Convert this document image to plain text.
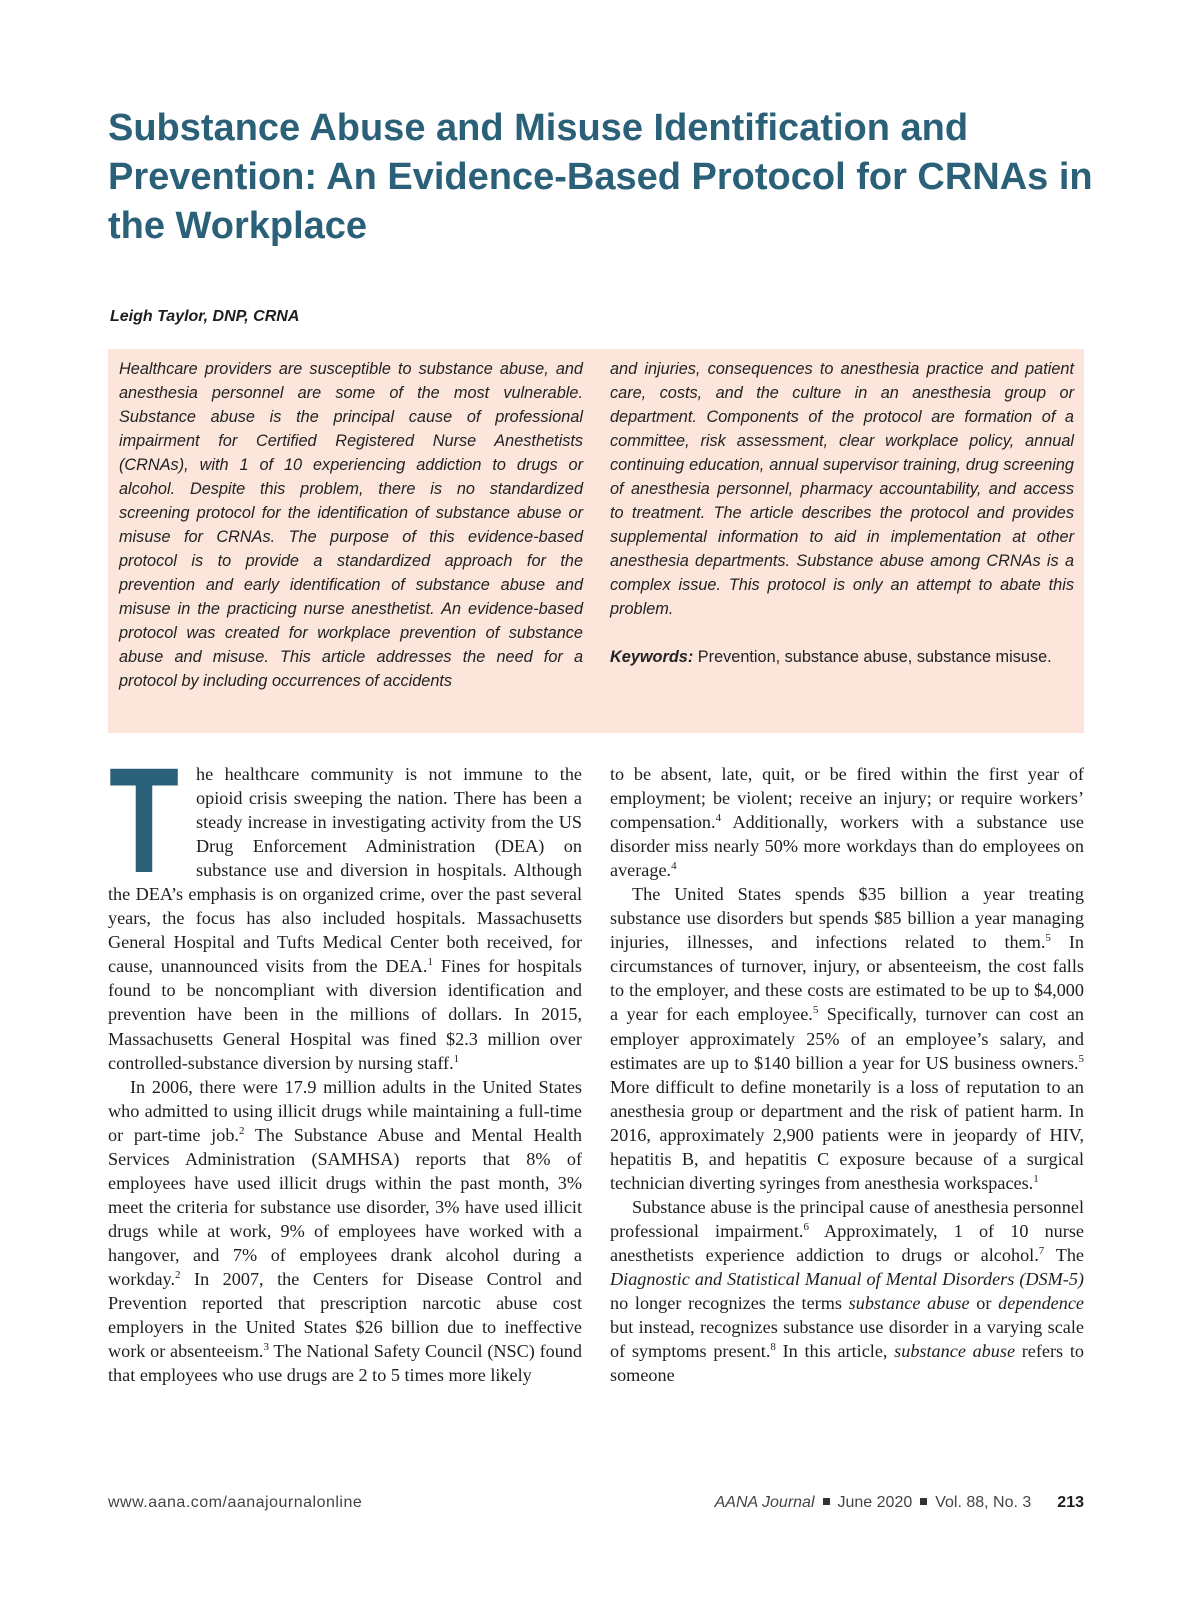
Substance Abuse and Misuse Identification and Prevention: An Evidence-Based Protocol for CRNAs in the Workplace

Leigh Taylor, DNP, CRNA

Healthcare providers are susceptible to substance abuse, and anesthesia personnel are some of the most vulnerable. Substance abuse is the principal cause of professional impairment for Certified Registered Nurse Anesthetists (CRNAs), with 1 of 10 experiencing addiction to drugs or alcohol. Despite this problem, there is no standardized screening protocol for the identification of substance abuse or misuse for CRNAs. The purpose of this evidence-based protocol is to provide a standardized approach for the prevention and early identification of substance abuse and misuse in the practicing nurse anesthetist. An evidence-based protocol was created for workplace prevention of substance abuse and misuse. This article addresses the need for a protocol by including occurrences of accidents

and injuries, consequences to anesthesia practice and patient care, costs, and the culture in an anesthesia group or department. Components of the protocol are formation of a committee, risk assessment, clear workplace policy, annual continuing education, annual supervisor training, drug screening of anesthesia personnel, pharmacy accountability, and access to treatment. The article describes the protocol and provides supplemental information to aid in implementation at other anesthesia departments. Substance abuse among CRNAs is a complex issue. This protocol is only an attempt to abate this problem.

Keywords: Prevention, substance abuse, substance misuse.

T he healthcare community is not immune to the opioid crisis sweeping the nation. There has been a steady increase in investigating activity from the US Drug Enforcement Administration (DEA) on substance use and diversion in hospitals. Although the DEA’s emphasis is on organized crime, over the past several years, the focus has also included hospitals. Massachusetts General Hospital and Tufts Medical Center both received, for cause, unannounced visits from the DEA.$^1$ Fines for hospitals found to be noncompliant with diversion identification and prevention have been in the millions of dollars. In 2015, Massachusetts General Hospital was fined $2.3 million over controlled-substance diversion by nursing staff.$^1$

In 2006, there were 17.9 million adults in the United States who admitted to using illicit drugs while maintaining a full-time or part-time job.$^2$ The Substance Abuse and Mental Health Services Administration (SAMHSA) reports that 8% of employees have used illicit drugs within the past month, 3% meet the criteria for substance use disorder, 3% have used illicit drugs while at work, 9% of employees have worked with a hangover, and 7% of employees drank alcohol during a workday.$^2$ In 2007, the Centers for Disease Control and Prevention reported that prescription narcotic abuse cost employers in the United States $26 billion due to ineffective work or absenteeism.$^3$ The National Safety Council (NSC) found that employees who use drugs are 2 to 5 times more likely

to be absent, late, quit, or be fired within the first year of employment; be violent; receive an injury; or require workers’ compensation.$^4$ Additionally, workers with a substance use disorder miss nearly 50% more workdays than do employees on average.$^4$

The United States spends $35 billion a year treating substance use disorders but spends $85 billion a year managing injuries, illnesses, and infections related to them.$^5$ In circumstances of turnover, injury, or absenteeism, the cost falls to the employer, and these costs are estimated to be up to $4,000 a year for each employee.$^5$ Specifically, turnover can cost an employer approximately 25% of an employee’s salary, and estimates are up to $140 billion a year for US business owners.$^5$ More difficult to define monetarily is a loss of reputation to an anesthesia group or department and the risk of patient harm. In 2016, approximately 2,900 patients were in jeopardy of HIV, hepatitis B, and hepatitis C exposure because of a surgical technician diverting syringes from anesthesia workspaces.$^1$

Substance abuse is the principal cause of anesthesia personnel professional impairment.$^6$ Approximately, 1 of 10 nurse anesthetists experience addiction to drugs or alcohol.$^7$ The Diagnostic and Statistical Manual of Mental Disorders (DSM-5) no longer recognizes the terms substance abuse or dependence but instead, recognizes substance use disorder in a varying scale of symptoms present.$^8$ In this article, substance abuse refers to someone

www.aana.com/aanajournalonline	AANA Journal June 2020 Vol. 88, No. 3 213
